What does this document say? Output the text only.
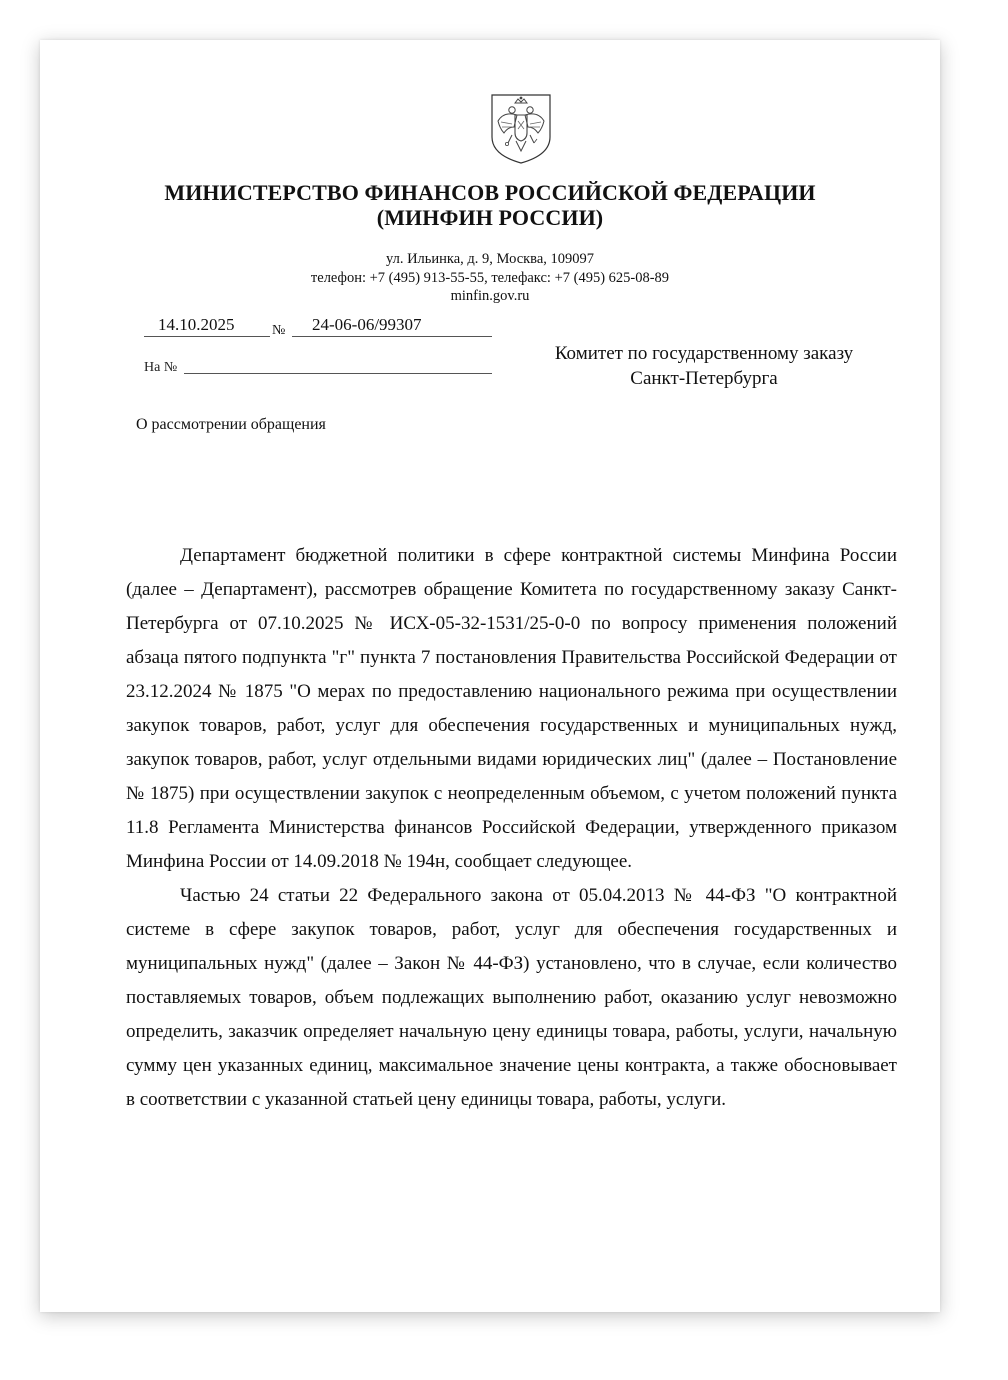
МИНИСТЕРСТВО ФИНАНСОВ РОССИЙСКОЙ ФЕДЕРАЦИИ
(МИНФИН РОССИИ)
ул. Ильинка, д. 9, Москва, 109097
телефон: +7 (495) 913-55-55, телефакс: +7 (495) 625-08-89
minfin.gov.ru
14.10.2025	№ 24-06-06/99307
На №
Комитет по государственному заказу
Санкт-Петербурга
О рассмотрении обращения

Департамент бюджетной политики в сфере контрактной системы Минфина России (далее – Департамент), рассмотрев обращение Комитета по государственному заказу Санкт-Петербурга от 07.10.2025 № ИСХ-05-32-1531/25-0-0 по вопросу применения положений абзаца пятого подпункта "г" пункта 7 постановления Правительства Российской Федерации от 23.12.2024 № 1875 "О мерах по предоставлению национального режима при осуществлении закупок товаров, работ, услуг для обеспечения государственных и муниципальных нужд, закупок товаров, работ, услуг отдельными видами юридических лиц" (далее – Постановление № 1875) при осуществлении закупок с неопределенным объемом, с учетом положений пункта 11.8 Регламента Министерства финансов Российской Федерации, утвержденного приказом Минфина России от 14.09.2018 № 194н, сообщает следующее.

Частью 24 статьи 22 Федерального закона от 05.04.2013 № 44-ФЗ "О контрактной системе в сфере закупок товаров, работ, услуг для обеспечения государственных и муниципальных нужд" (далее – Закон № 44-ФЗ) установлено, что в случае, если количество поставляемых товаров, объем подлежащих выполнению работ, оказанию услуг невозможно определить, заказчик определяет начальную цену единицы товара, работы, услуги, начальную сумму цен указанных единиц, максимальное значение цены контракта, а также обосновывает в соответствии с указанной статьей цену единицы товара, работы, услуги.
